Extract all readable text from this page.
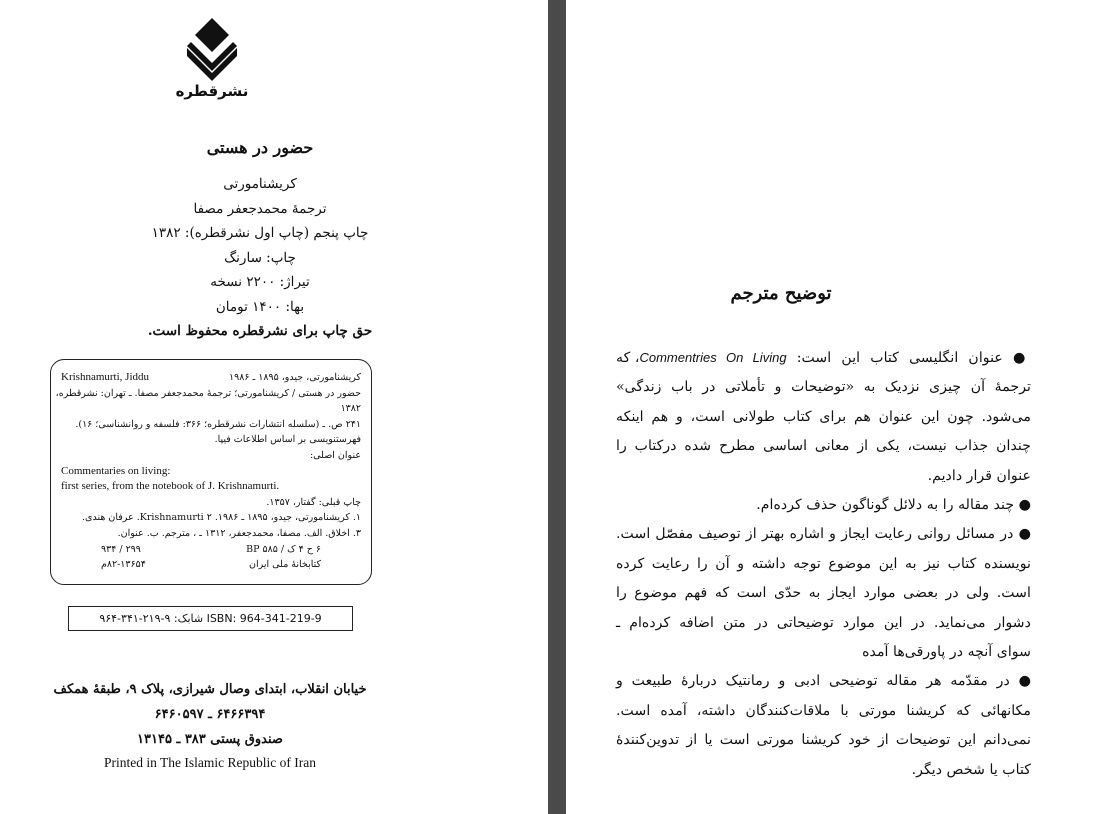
نشرقطره
حضور در هستی
کریشنامورتی
ترجمهٔ محمدجعفر مصفا
چاپ پنجم (چاپ اول نشرقطره): ۱۳۸۲
چاپ: سارنگ
تیراژ: ۲۲۰۰ نسخه
بها: ۱۴۰۰ تومان
حق چاپ برای نشرقطره محفوظ است.
Krishnamurti, Jiddu	کریشنامورتی، جیدو، ۱۸۹۵ ـ ۱۹۸۶
حضور در هستی / کریشنامورتی؛ ترجمهٔ محمدجعفر مصفا. ـ تهران: نشرقطره،
۱۳۸۲
۲۴۱ ص. ـ (سلسله انتشارات نشرقطره؛ ۳۶۶: فلسفه و روانشناسی؛ ۱۶).
فهرستنویسی بر اساس اطلاعات فیپا.
عنوان اصلی:
Commentaries on living:
first series, from the notebook of J. Krishnamurti.
چاپ قبلی: گفتار، ۱۳۵۷.
۱. کریشنامورتی، جیدو، ۱۸۹۵ ـ ۱۹۸۶. Krishnamurti ۲. عرفان هندی.
۳. اخلاق. الف. مصفا، محمدجعفر، ۱۳۱۲ ـ ، مترجم. ب. عنوان.
۲۹۹ / ۹۳۴	۶ ح ۴ ک / ۵۸۵ BP
۸۲-۱۳۶۵۴م	کتابخانهٔ ملی ایران
شابک: ۹-۲۱۹-۳۴۱-۹۶۴ ISBN: 964-341-219-9
خیابان انقلاب، ابتدای وصال شیرازی، پلاک ۹، طبقهٔ همکف
۶۴۶۶۳۹۴ ـ ۶۴۶۰۵۹۷
صندوق پستی ۳۸۳ ـ ۱۳۱۴۵
Printed in The Islamic Republic of Iran
توضیح مترجم
● عنوان انگلیسی کتاب این است: Commentries On Living، که
ترجمهٔ آن چیزی نزدیک به «توضیحات و تأملاتی در باب زندگی»
می‌شود. چون این عنوان هم برای کتاب طولانی است، و هم اینکه
چندان جذاب نیست، یکی از معانی اساسی مطرح شده درکتاب را
عنوان قرار دادیم.
● چند مقاله را به دلائل گوناگون حذف کرده‌ام.
● در مسائل روانی رعایت ایجاز و اشاره بهتر از توصیف مفصّل است.
نویسنده کتاب نیز به این موضوع توجه داشته و آن را رعایت کرده
است. ولی در بعضی موارد ایجاز به حدّی است که فهم موضوع را
دشوار می‌نماید. در این موارد توضیحاتی در متن اضافه کرده‌ام ـ
سوای آنچه در پاورقی‌ها آمده
● در مقدّمه هر مقاله توضیحی ادبی و رمانتیک دربارهٔ طبیعت و
مکانهائی که کریشنا مورتی با ملاقات‌کنندگان داشته، آمده است.
نمی‌دانم این توضیحات از خود کریشنا مورتی است یا از تدوین‌کنندهٔ
کتاب یا شخص دیگر.
